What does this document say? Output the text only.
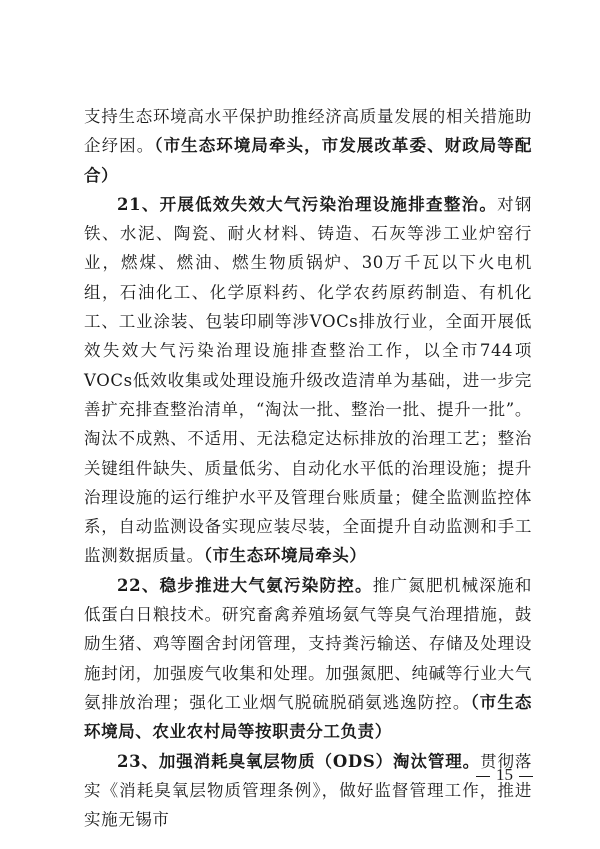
支持生态环境高水平保护助推经济高质量发展的相关措施助企纾困。（市生态环境局牵头，市发展改革委、财政局等配合）

21、开展低效失效大气污染治理设施排查整治。对钢铁、水泥、陶瓷、耐火材料、铸造、石灰等涉工业炉窑行业，燃煤、燃油、燃生物质锅炉、30万千瓦以下火电机组，石油化工、化学原料药、化学农药原药制造、有机化工、工业涂装、包装印刷等涉VOCs排放行业，全面开展低效失效大气污染治理设施排查整治工作，以全市744项VOCs低效收集或处理设施升级改造清单为基础，进一步完善扩充排查整治清单，“淘汰一批、整治一批、提升一批”。淘汰不成熟、不适用、无法稳定达标排放的治理工艺；整治关键组件缺失、质量低劣、自动化水平低的治理设施；提升治理设施的运行维护水平及管理台账质量；健全监测监控体系，自动监测设备实现应装尽装，全面提升自动监测和手工监测数据质量。（市生态环境局牵头）

22、稳步推进大气氨污染防控。推广氮肥机械深施和低蛋白日粮技术。研究畜禽养殖场氨气等臭气治理措施，鼓励生猪、鸡等圈舍封闭管理，支持粪污输送、存储及处理设施封闭，加强废气收集和处理。加强氮肥、纯碱等行业大气氨排放治理；强化工业烟气脱硫脱硝氨逃逸防控。（市生态环境局、农业农村局等按职责分工负责）

23、加强消耗臭氧层物质（ODS）淘汰管理。贯彻落实《消耗臭氧层物质管理条例》，做好监督管理工作，推进实施无锡市

15
